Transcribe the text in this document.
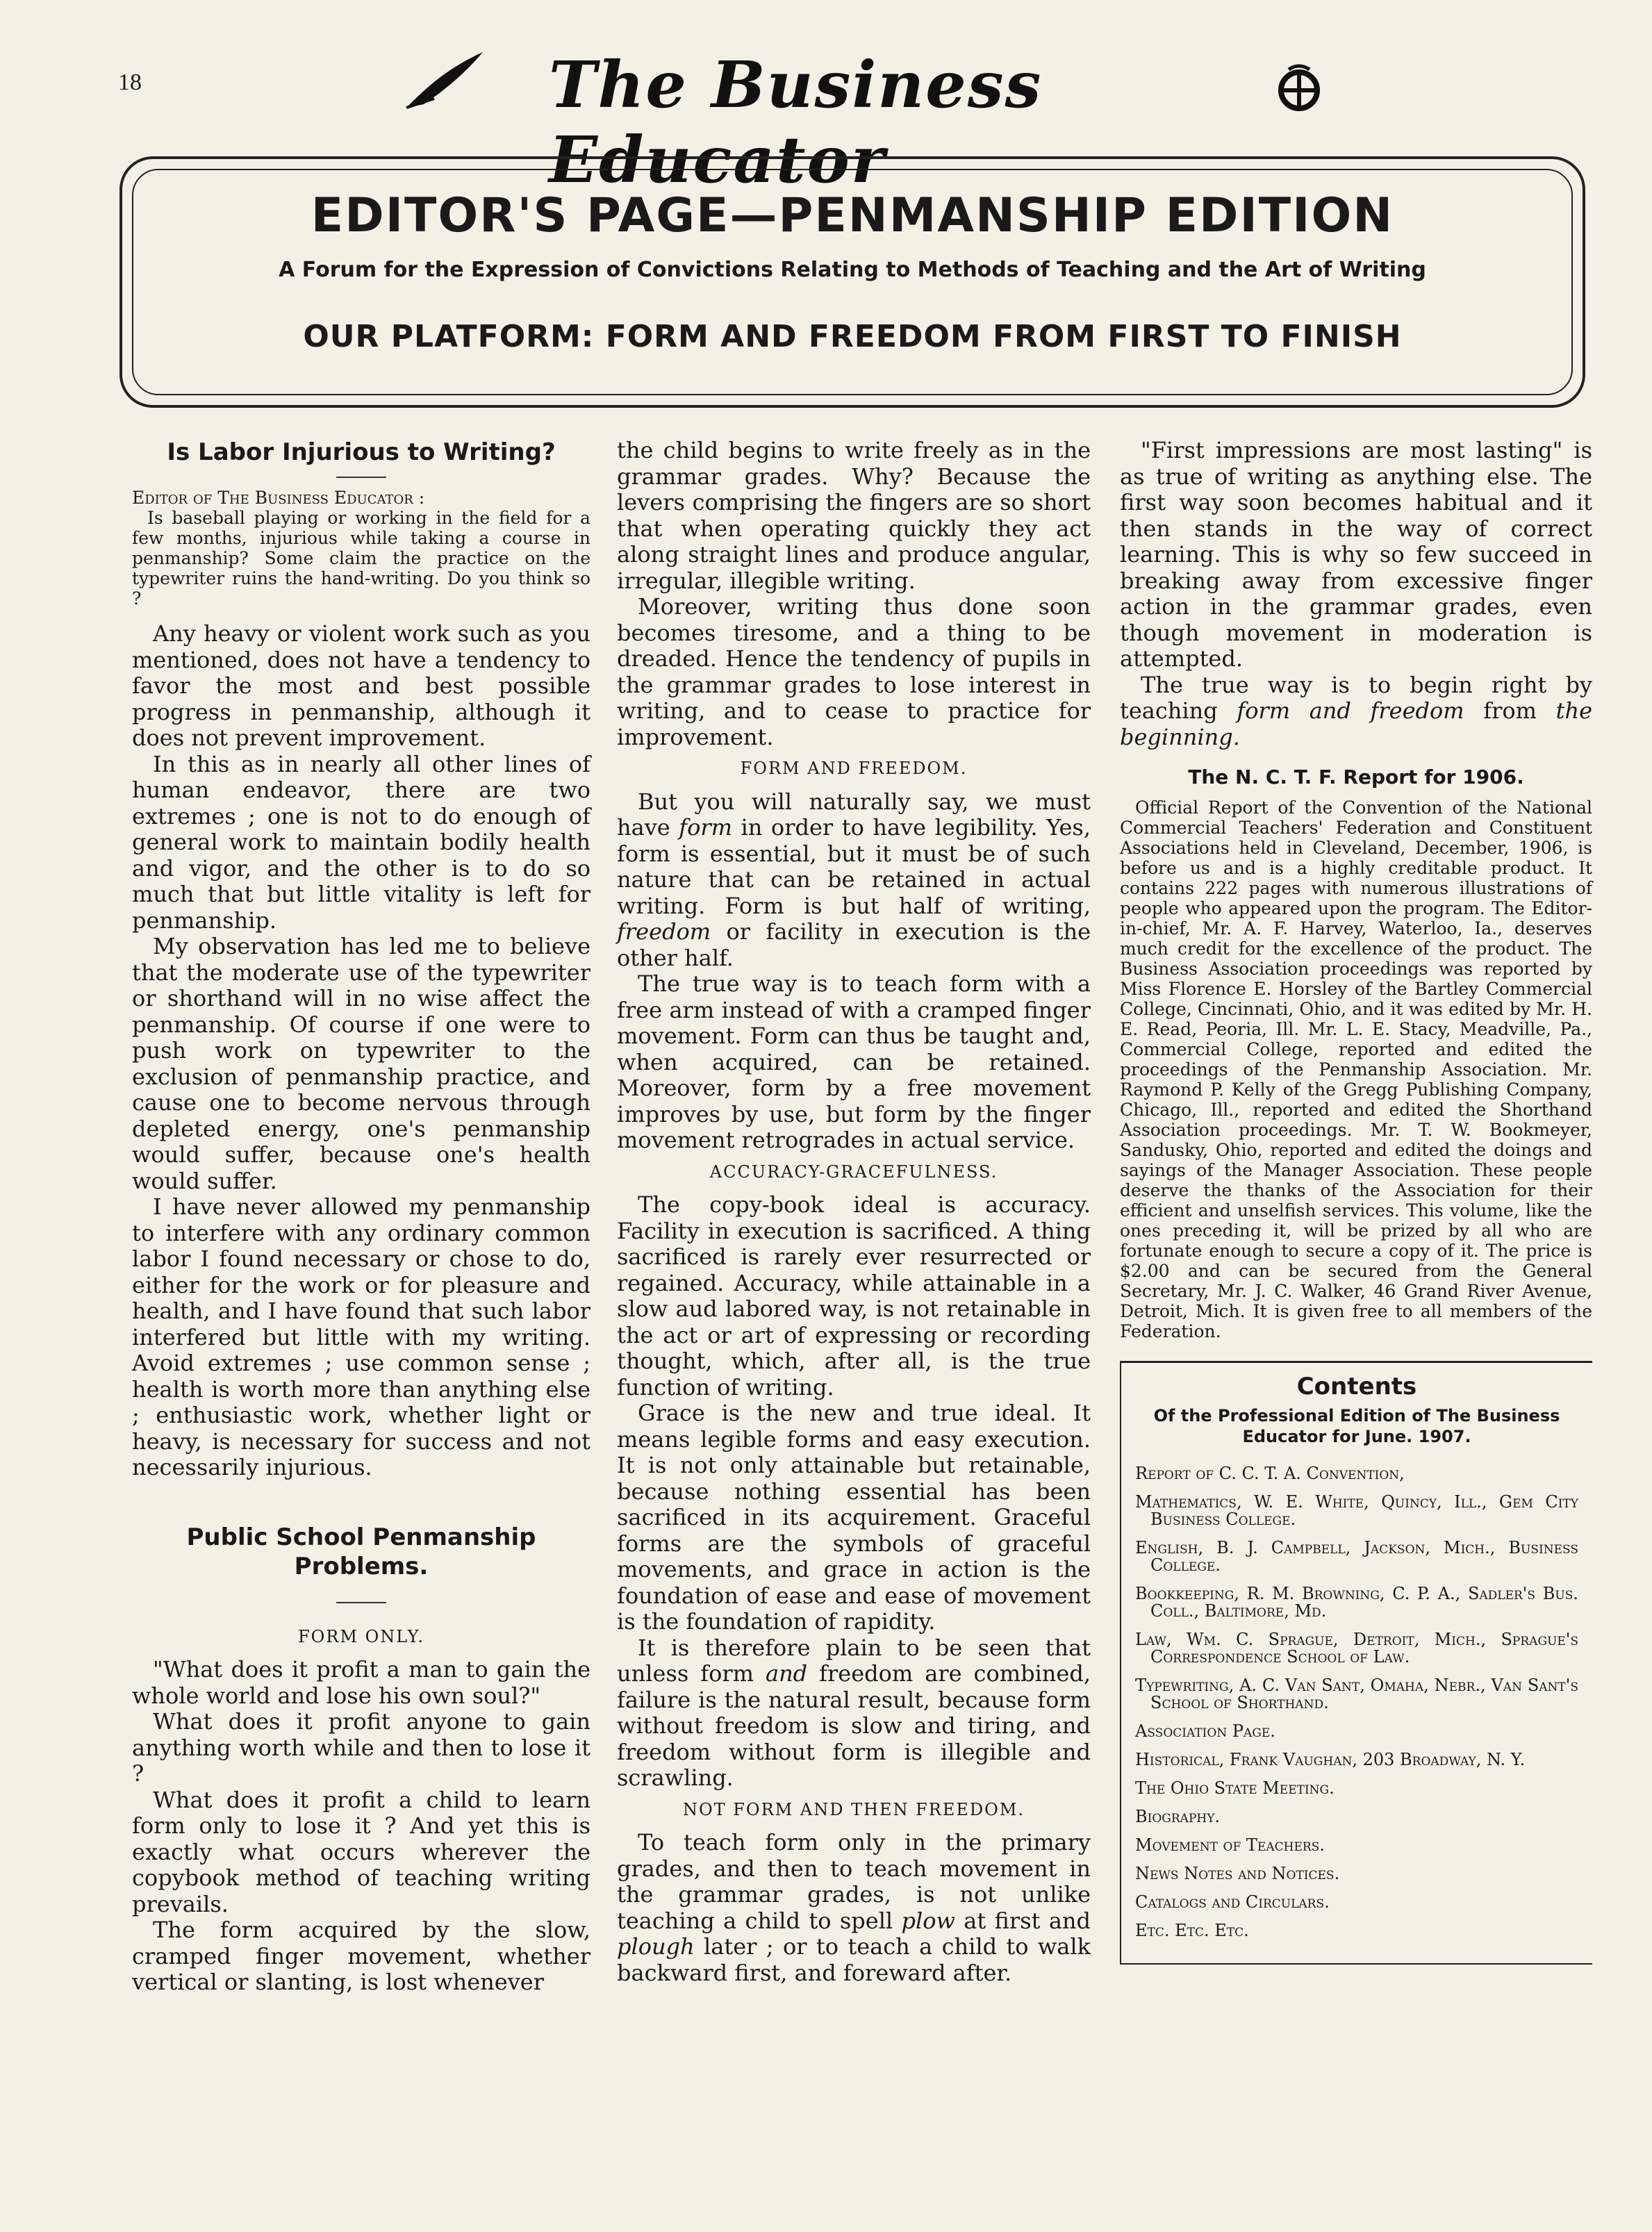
18	The Business Educator
EDITOR'S PAGE—PENMANSHIP EDITION
A Forum for the Expression of Convictions Relating to Methods of Teaching and the Art of Writing
OUR PLATFORM: FORM AND FREEDOM FROM FIRST TO FINISH
Is Labor Injurious to Writing?
Editor of The Business Educator :

Is baseball playing or working in the field for a few months, injurious while taking a course in penmanship? Some claim the practice on the typewriter ruins the hand-writing. Do you think so ?

Any heavy or violent work such as you mentioned, does not have a tendency to favor the most and best possible progress in penmanship, although it does not prevent improvement.

In this as in nearly all other lines of human endeavor, there are two extremes ; one is not to do enough of general work to maintain bodily health and vigor, and the other is to do so much that but little vitality is left for penmanship.

My observation has led me to believe that the moderate use of the typewriter or shorthand will in no wise affect the penmanship. Of course if one were to push work on typewriter to the exclusion of penmanship practice, and cause one to become nervous through depleted energy, one's penmanship would suffer, because one's health would suffer.

I have never allowed my penmanship to interfere with any ordinary common labor I found necessary or chose to do, either for the work or for pleasure and health, and I have found that such labor interfered but little with my writing. Avoid extremes ; use common sense ; health is worth more than anything else ; enthusiastic work, whether light or heavy, is necessary for success and not necessarily injurious.

Public School Penmanship Problems.
FORM ONLY.

"What does it profit a man to gain the whole world and lose his own soul?"

What does it profit anyone to gain anything worth while and then to lose it ?

What does it profit a child to learn form only to lose it ? And yet this is exactly what occurs wherever the copybook method of teaching writing prevails.

The form acquired by the slow, cramped finger movement, whether vertical or slanting, is lost whenever

the child begins to write freely as in the grammar grades. Why? Because the levers comprising the fingers are so short that when operating quickly they act along straight lines and produce angular, irregular, illegible writing.

Moreover, writing thus done soon becomes tiresome, and a thing to be dreaded. Hence the tendency of pupils in the grammar grades to lose interest in writing, and to cease to practice for improvement.

FORM AND FREEDOM.

But you will naturally say, we must have form in order to have legibility. Yes, form is essential, but it must be of such nature that can be retained in actual writing. Form is but half of writing, freedom or facility in execution is the other half.

The true way is to teach form with a free arm instead of with a cramped finger movement. Form can thus be taught and, when acquired, can be retained. Moreover, form by a free movement improves by use, but form by the finger movement retrogrades in actual service.

ACCURACY-GRACEFULNESS.

The copy-book ideal is accuracy. Facility in execution is sacrificed. A thing sacrificed is rarely ever resurrected or regained. Accuracy, while attainable in a slow aud labored way, is not retainable in the act or art of expressing or recording thought, which, after all, is the true function of writing.

Grace is the new and true ideal. It means legible forms and easy execution. It is not only attainable but retainable, because nothing essential has been sacrificed in its acquirement. Graceful forms are the symbols of graceful movements, and grace in action is the foundation of ease and ease of movement is the foundation of rapidity.

It is therefore plain to be seen that unless form and freedom are combined, failure is the natural result, because form without freedom is slow and tiring, and freedom without form is illegible and scrawling.

NOT FORM AND THEN FREEDOM.

To teach form only in the primary grades, and then to teach movement in the grammar grades, is not unlike teaching a child to spell plow at first and plough later ; or to teach a child to walk backward first, and foreward after.

"First impressions are most lasting" is as true of writing as anything else. The first way soon becomes habitual and it then stands in the way of correct learning. This is why so few succeed in breaking away from excessive finger action in the grammar grades, even though movement in moderation is attempted.

The true way is to begin right by teaching form and freedom from the beginning.

The N. C. T. F. Report for 1906.

Official Report of the Convention of the National Commercial Teachers' Federation and Constituent Associations held in Cleveland, December, 1906, is before us and is a highly creditable product. It contains 222 pages with numerous illustrations of people who appeared upon the program. The Editor-in-chief, Mr. A. F. Harvey, Waterloo, Ia., deserves much credit for the excellence of the product. The Business Association proceedings was reported by Miss Florence E. Horsley of the Bartley Commercial College, Cincinnati, Ohio, and it was edited by Mr. H. E. Read, Peoria, Ill. Mr. L. E. Stacy, Meadville, Pa., Commercial College, reported and edited the proceedings of the Penmanship Association. Mr. Raymond P. Kelly of the Gregg Publishing Company, Chicago, Ill., reported and edited the Shorthand Association proceedings. Mr. T. W. Bookmeyer, Sandusky, Ohio, reported and edited the doings and sayings of the Manager Association. These people deserve the thanks of the Association for their efficient and unselfish services. This volume, like the ones preceding it, will be prized by all who are fortunate enough to secure a copy of it. The price is $2.00 and can be secured from the General Secretary, Mr. J. C. Walker, 46 Grand River Avenue, Detroit, Mich. It is given free to all members of the Federation.

Contents
Of the Professional Edition of The Business Educator for June. 1907.
Report of C. C. T. A. Convention,
Mathematics, W. E. White, Quincy, Ill., Gem City Business College.
English, B. J. Campbell, Jackson, Mich., Business College.
Bookkeeping, R. M. Browning, C. P. A., Sadler's Bus. Coll., Baltimore, Md.
Law, Wm. C. Sprague, Detroit, Mich., Sprague's Correspondence School of Law.
Typewriting, A. C. Van Sant, Omaha, Nebr., Van Sant's School of Shorthand.
Association Page.
Historical, Frank Vaughan, 203 Broadway, N. Y.
The Ohio State Meeting.
Biography.
Movement of Teachers.
News Notes and Notices.
Catalogs and Circulars.
Etc. Etc. Etc.
